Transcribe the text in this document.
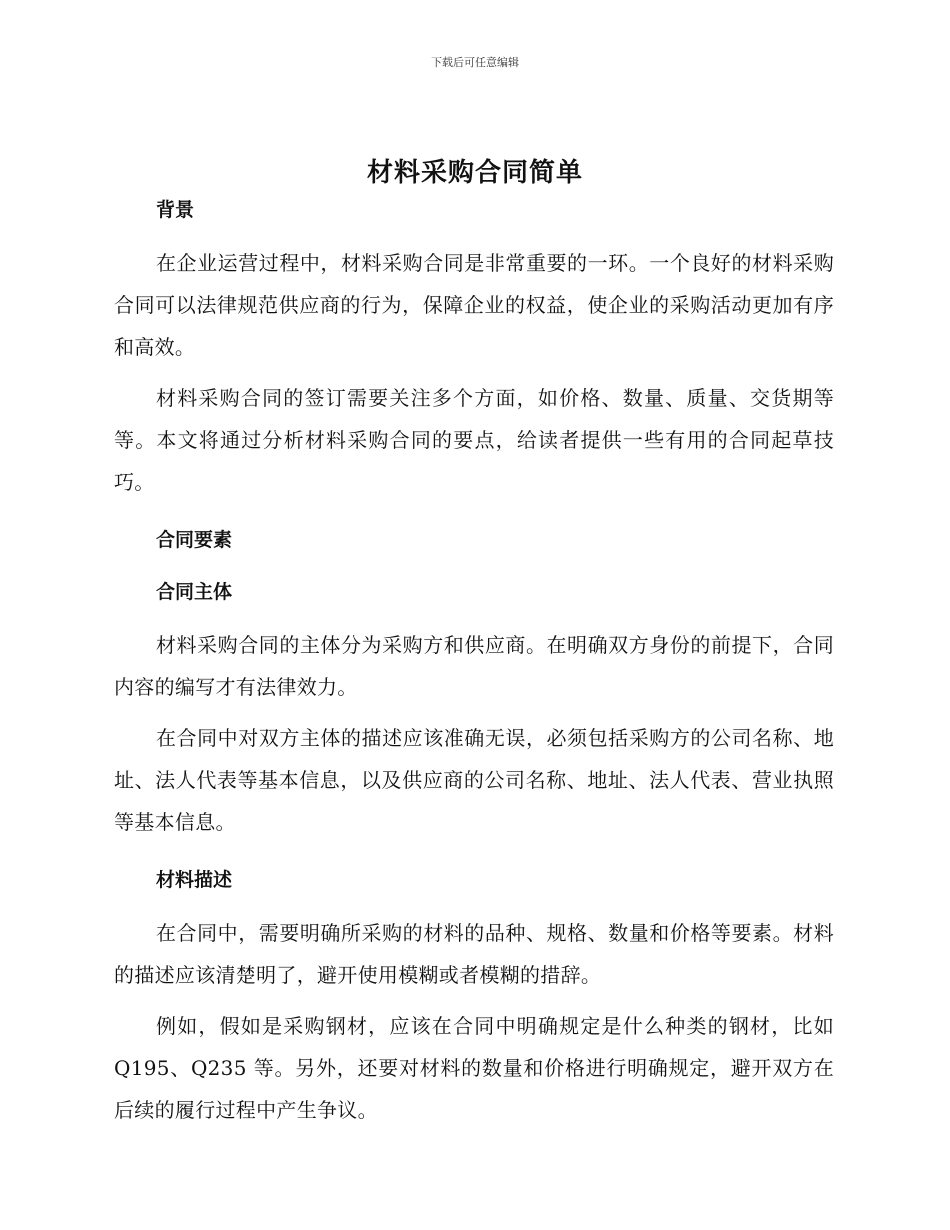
下载后可任意编辑
材料采购合同简单
背景

在企业运营过程中，材料采购合同是非常重要的一环。一个良好的材料采购合同可以法律规范供应商的行为，保障企业的权益，使企业的采购活动更加有序和高效。

材料采购合同的签订需要关注多个方面，如价格、数量、质量、交货期等等。本文将通过分析材料采购合同的要点，给读者提供一些有用的合同起草技巧。

合同要素
合同主体

材料采购合同的主体分为采购方和供应商。在明确双方身份的前提下，合同内容的编写才有法律效力。

在合同中对双方主体的描述应该准确无误，必须包括采购方的公司名称、地址、法人代表等基本信息，以及供应商的公司名称、地址、法人代表、营业执照等基本信息。

材料描述

在合同中，需要明确所采购的材料的品种、规格、数量和价格等要素。材料的描述应该清楚明了，避开使用模糊或者模糊的措辞。

例如，假如是采购钢材，应该在合同中明确规定是什么种类的钢材，比如 Q195、Q235 等。另外，还要对材料的数量和价格进行明确规定，避开双方在后续的履行过程中产生争议。
